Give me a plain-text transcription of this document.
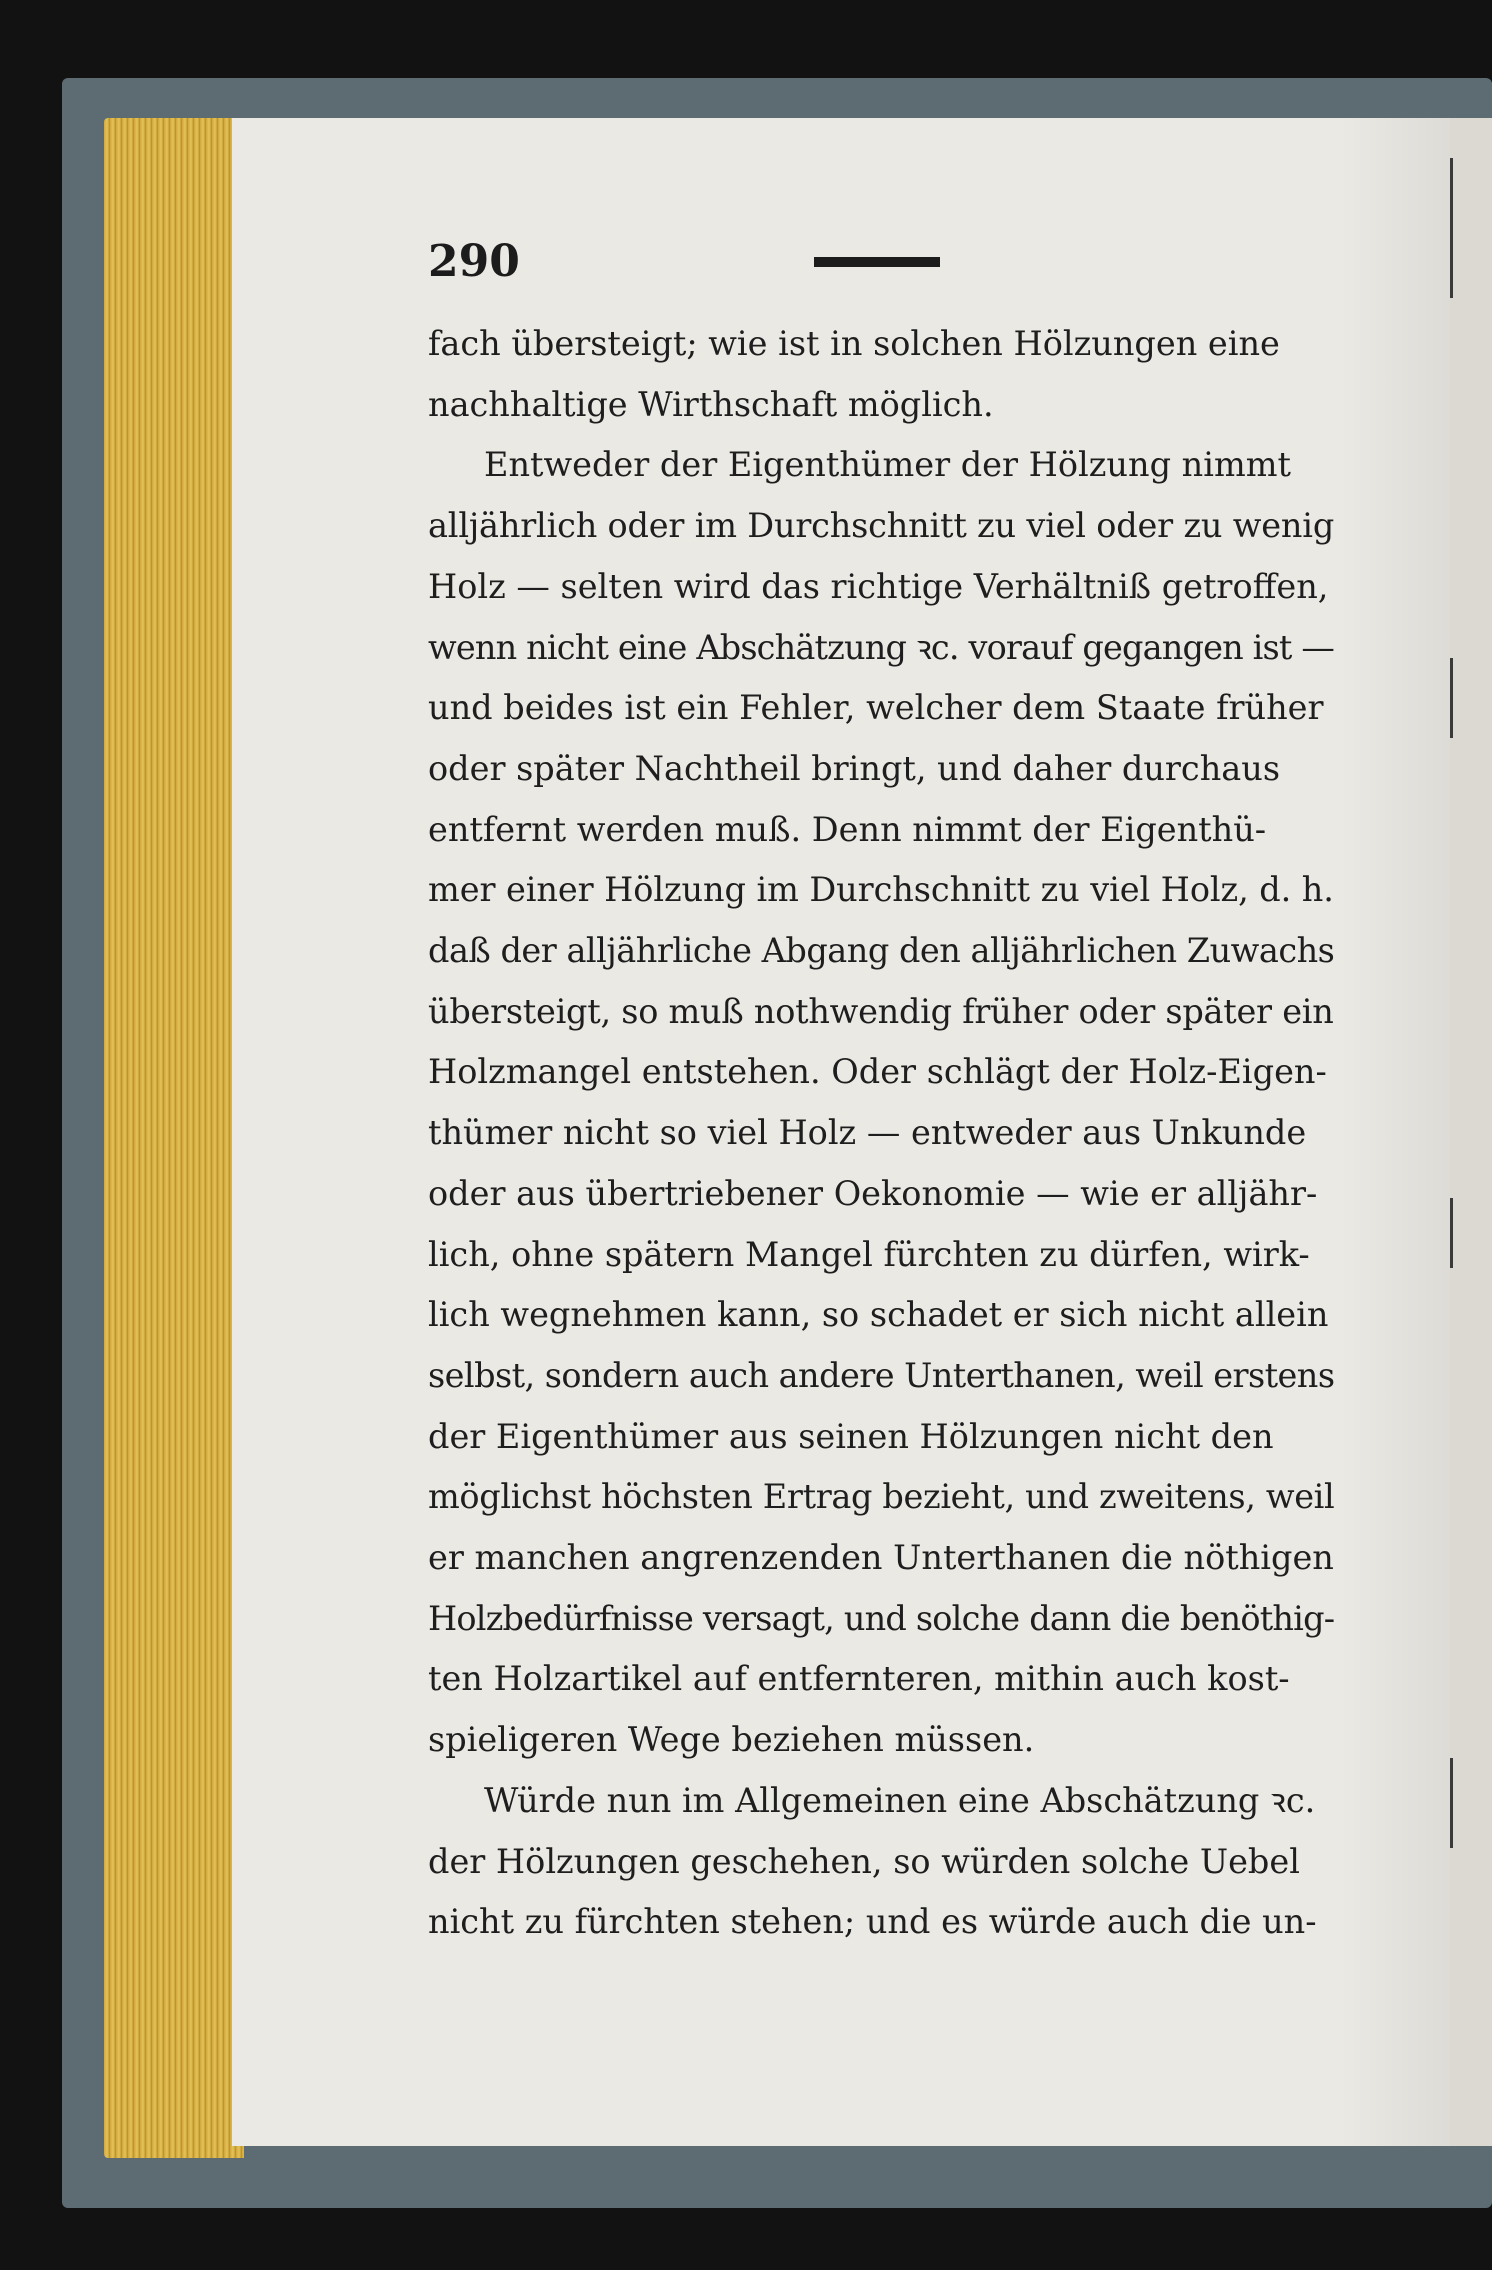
290
fach übersteigt; wie ist in solchen Hölzungen eine
nachhaltige Wirthschaft möglich.
Entweder der Eigenthümer der Hölzung nimmt
alljährlich oder im Durchschnitt zu viel oder zu wenig
Holz — selten wird das richtige Verhältniß getroffen,
wenn nicht eine Abschätzung ꝛc. vorauf gegangen ist —
und beides ist ein Fehler, welcher dem Staate früher
oder später Nachtheil bringt, und daher durchaus
entfernt werden muß. Denn nimmt der Eigenthü-
mer einer Hölzung im Durchschnitt zu viel Holz, d. h.
daß der alljährliche Abgang den alljährlichen Zuwachs
übersteigt, so muß nothwendig früher oder später ein
Holzmangel entstehen. Oder schlägt der Holz-Eigen-
thümer nicht so viel Holz — entweder aus Unkunde
oder aus übertriebener Oekonomie — wie er alljähr-
lich, ohne spätern Mangel fürchten zu dürfen, wirk-
lich wegnehmen kann, so schadet er sich nicht allein
selbst, sondern auch andere Unterthanen, weil erstens
der Eigenthümer aus seinen Hölzungen nicht den
möglichst höchsten Ertrag bezieht, und zweitens, weil
er manchen angrenzenden Unterthanen die nöthigen
Holzbedürfnisse versagt, und solche dann die benöthig-
ten Holzartikel auf entfernteren, mithin auch kost-
spieligeren Wege beziehen müssen.
Würde nun im Allgemeinen eine Abschätzung ꝛc.
der Hölzungen geschehen, so würden solche Uebel
nicht zu fürchten stehen; und es würde auch die un-
